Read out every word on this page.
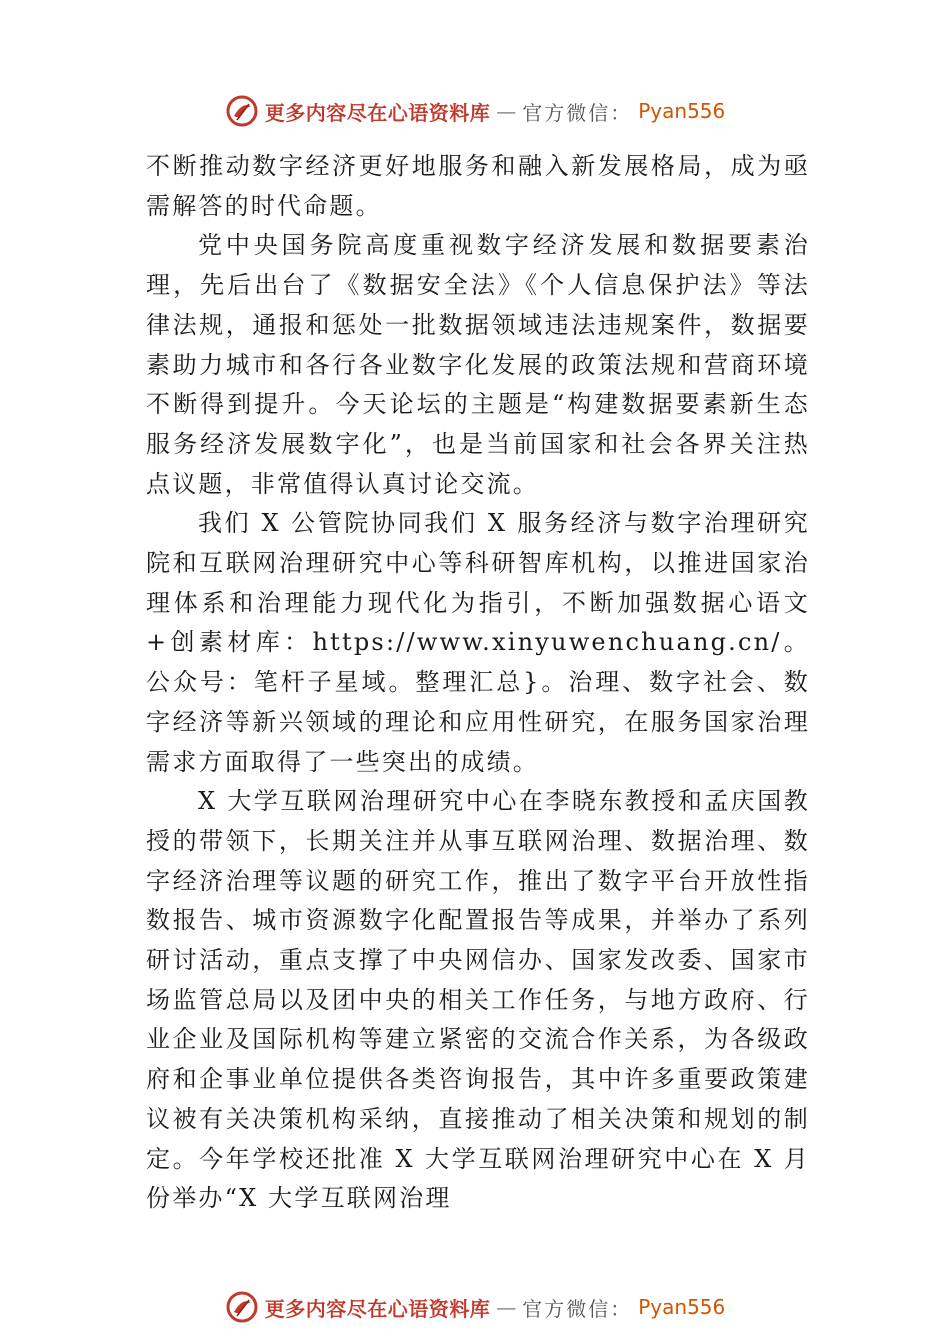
更多内容尽在心语资料库 — 官方微信： Pyan556

不断推动数字经济更好地服务和融入新发展格局，成为亟需解答的时代命题。

党中央国务院高度重视数字经济发展和数据要素治理，先后出台了《数据安全法》《个人信息保护法》等法律法规，通报和惩处一批数据领域违法违规案件，数据要素助力城市和各行各业数字化发展的政策法规和营商环境不断得到提升。今天论坛的主题是“构建数据要素新生态服务经济发展数字化”，也是当前国家和社会各界关注热点议题，非常值得认真讨论交流。

我们 X 公管院协同我们 X 服务经济与数字治理研究院和互联网治理研究中心等科研智库机构，以推进国家治理体系和治理能力现代化为指引，不断加强数据心语文+创素材库：https://www.xinyuwenchuang.cn/。公众号：笔杆子星域。整理汇总}。治理、数字社会、数字经济等新兴领域的理论和应用性研究，在服务国家治理需求方面取得了一些突出的成绩。

X 大学互联网治理研究中心在李晓东教授和孟庆国教授的带领下，长期关注并从事互联网治理、数据治理、数字经济治理等议题的研究工作，推出了数字平台开放性指数报告、城市资源数字化配置报告等成果，并举办了系列研讨活动，重点支撑了中央网信办、国家发改委、国家市场监管总局以及团中央的相关工作任务，与地方政府、行业企业及国际机构等建立紧密的交流合作关系，为各级政府和企事业单位提供各类咨询报告，其中许多重要政策建议被有关决策机构采纳，直接推动了相关决策和规划的制定。今年学校还批准 X 大学互联网治理研究中心在 X 月份举办“X 大学互联网治理

更多内容尽在心语资料库 — 官方微信： Pyan556
